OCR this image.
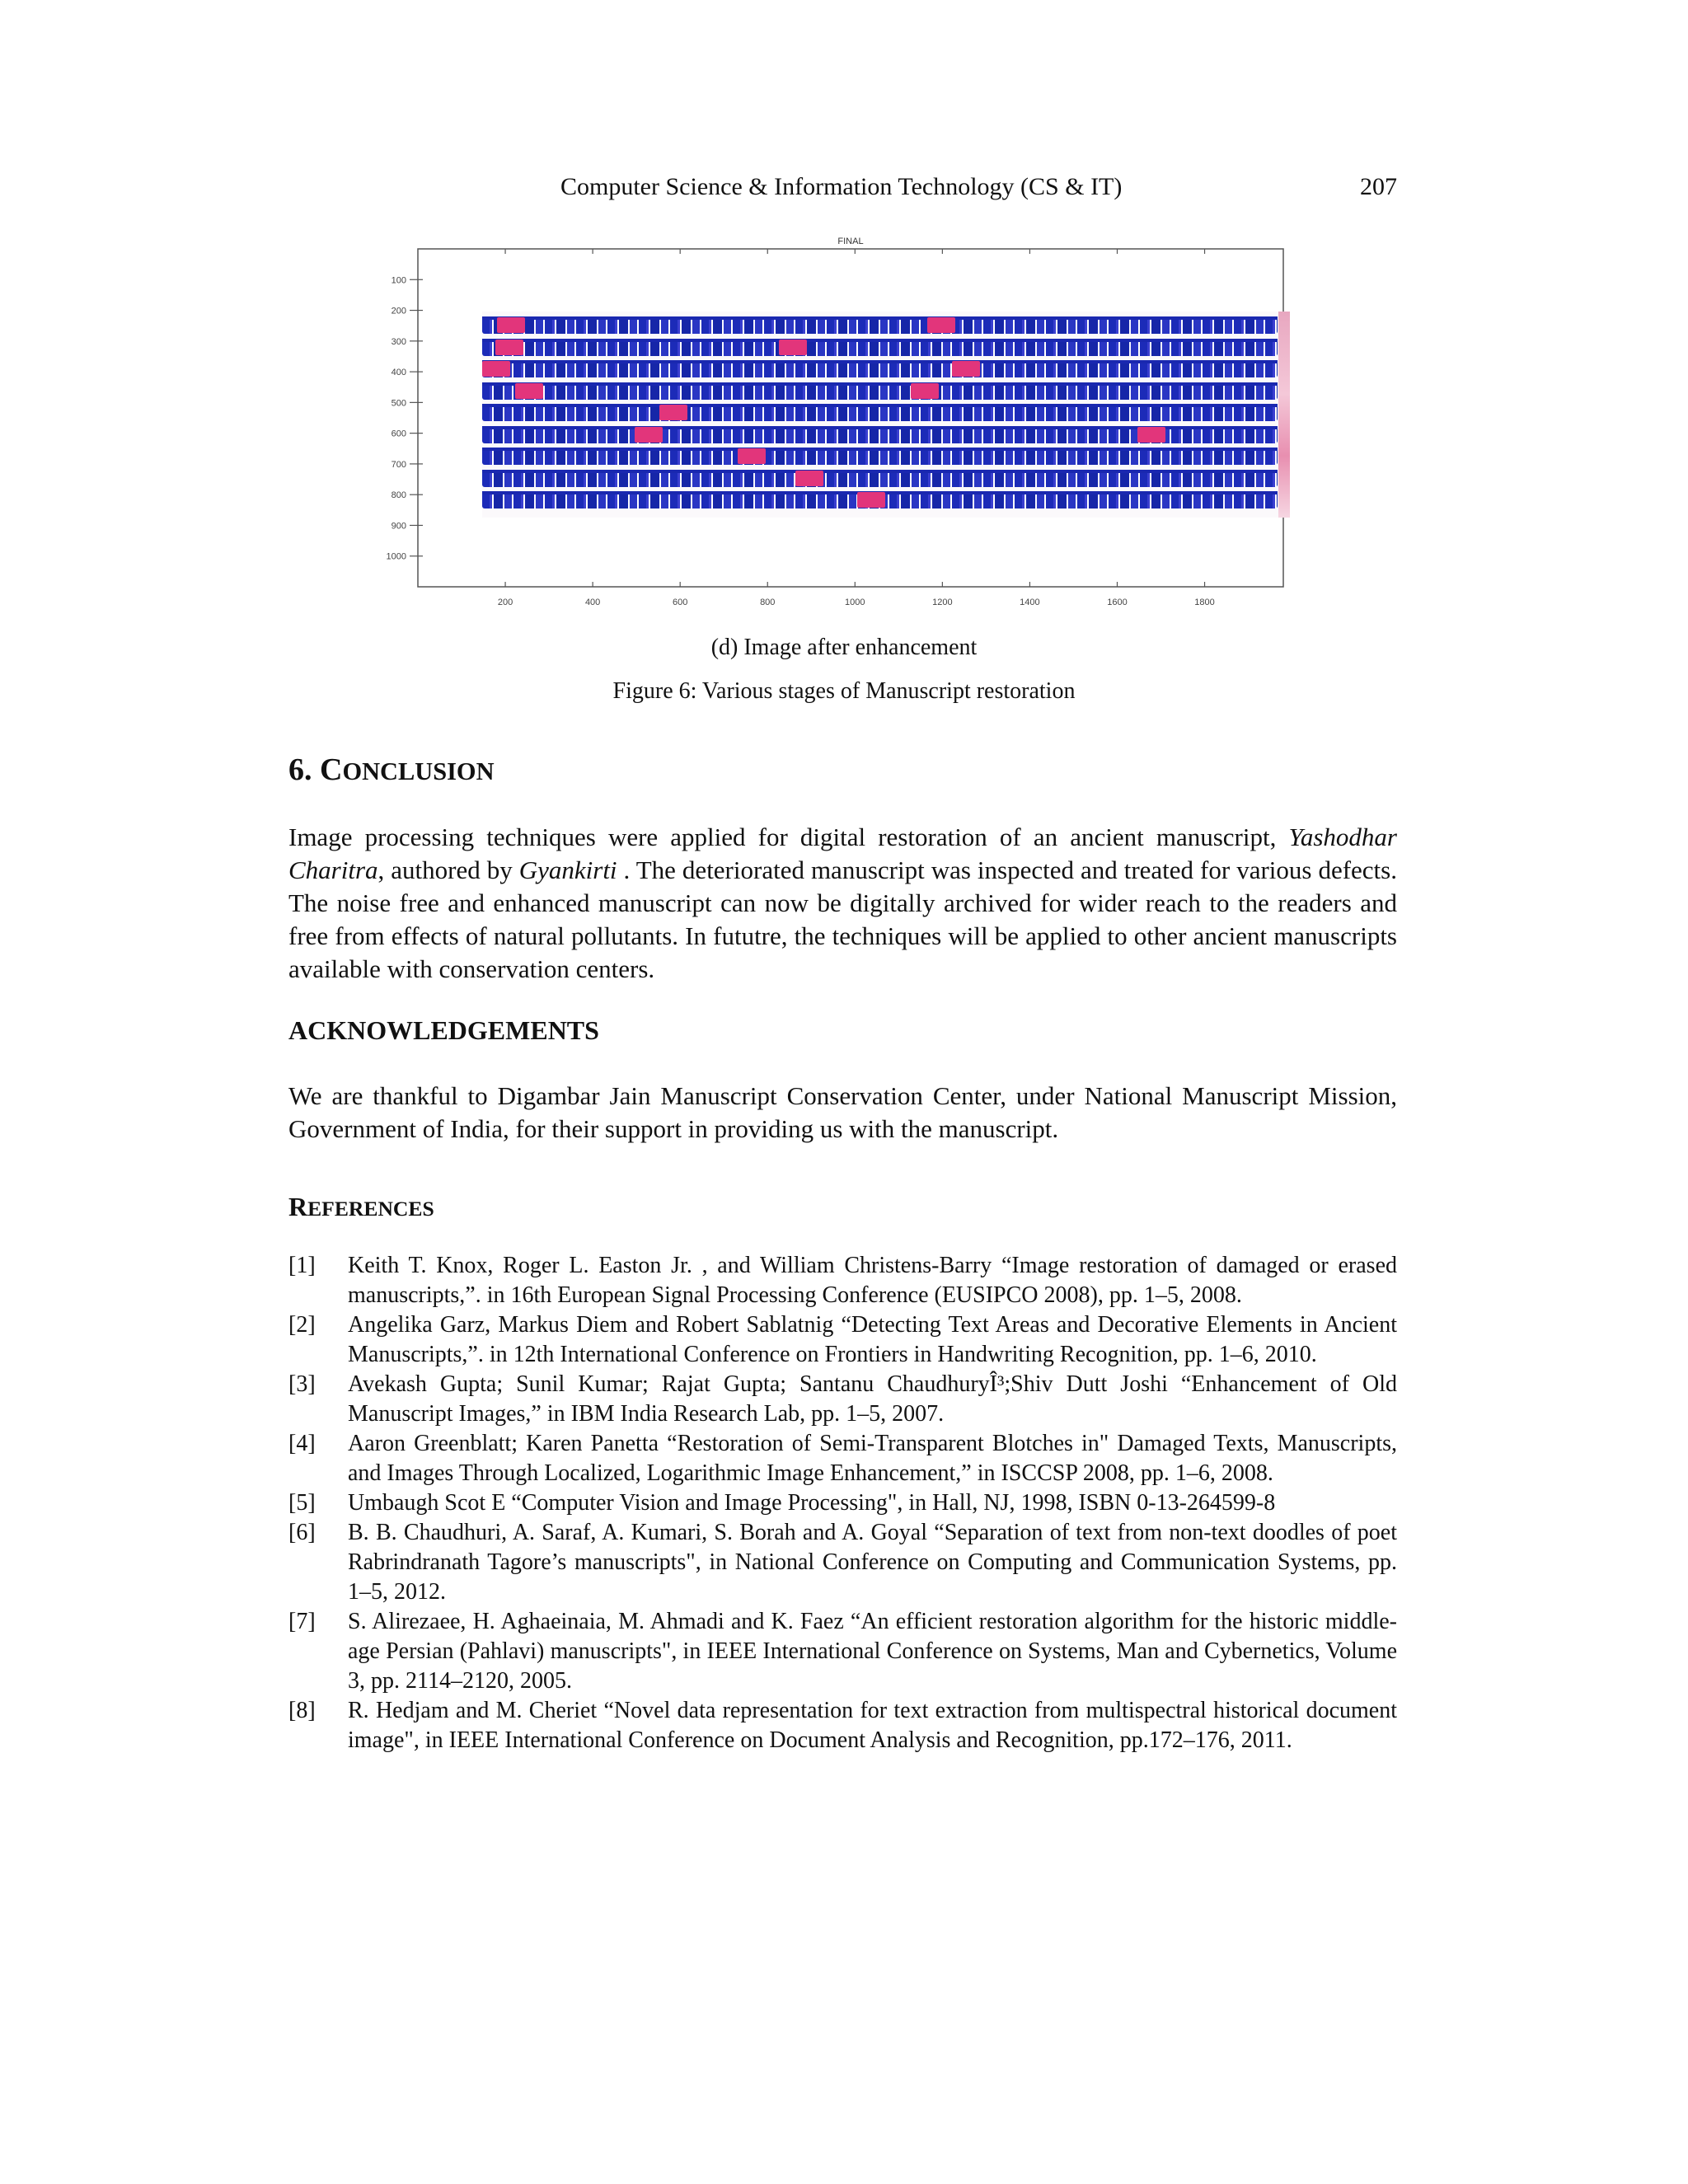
Computer Science & Information Technology (CS & IT)	207
FINAL
200	400	600	800	1000	1200	1400	1600	1800
100
200
300
400
500
600
700
800
900
1000
(d) Image after enhancement
Figure 6: Various stages of Manuscript restoration
6. CONCLUSION

Image processing techniques were applied for digital restoration of an ancient manuscript, Yashodhar Charitra, authored by Gyankirti . The deteriorated manuscript was inspected and treated for various defects. The noise free and enhanced manuscript can now be digitally archived for wider reach to the readers and free from effects of natural pollutants. In fututre, the techniques will be applied to other ancient manuscripts available with conservation centers.

ACKNOWLEDGEMENTS

We are thankful to Digambar Jain Manuscript Conservation Center, under National Manuscript Mission, Government of India, for their support in providing us with the manuscript.

REFERENCES
[1] Keith T. Knox, Roger L. Easton Jr. , and William Christens-Barry “Image restoration of damaged or erased manuscripts,”. in 16th European Signal Processing Conference (EUSIPCO 2008), pp. 1–5, 2008.
[2] Angelika Garz, Markus Diem and Robert Sablatnig “Detecting Text Areas and Decorative Elements in Ancient Manuscripts,”. in 12th International Conference on Frontiers in Handwriting Recognition, pp. 1–6, 2010.
[3] Avekash Gupta; Sunil Kumar; Rajat Gupta; Santanu ChaudhuryÎ³;Shiv Dutt Joshi “Enhancement of Old Manuscript Images,” in IBM India Research Lab, pp. 1–5, 2007.
[4] Aaron Greenblatt; Karen Panetta “Restoration of Semi-Transparent Blotches in" Damaged Texts, Manuscripts, and Images Through Localized, Logarithmic Image Enhancement,” in ISCCSP 2008, pp. 1–6, 2008.
[5] Umbaugh Scot E “Computer Vision and Image Processing", in Hall, NJ, 1998, ISBN 0-13-264599-8
[6] B. B. Chaudhuri, A. Saraf, A. Kumari, S. Borah and A. Goyal “Separation of text from non-text doodles of poet Rabrindranath Tagore’s manuscripts", in National Conference on Computing and Communication Systems, pp. 1–5, 2012.
[7] S. Alirezaee, H. Aghaeinaia, M. Ahmadi and K. Faez “An efficient restoration algorithm for the historic middle-age Persian (Pahlavi) manuscripts", in IEEE International Conference on Systems, Man and Cybernetics, Volume 3, pp. 2114–2120, 2005.
[8] R. Hedjam and M. Cheriet “Novel data representation for text extraction from multispectral historical document image", in IEEE International Conference on Document Analysis and Recognition, pp.172–176, 2011.
